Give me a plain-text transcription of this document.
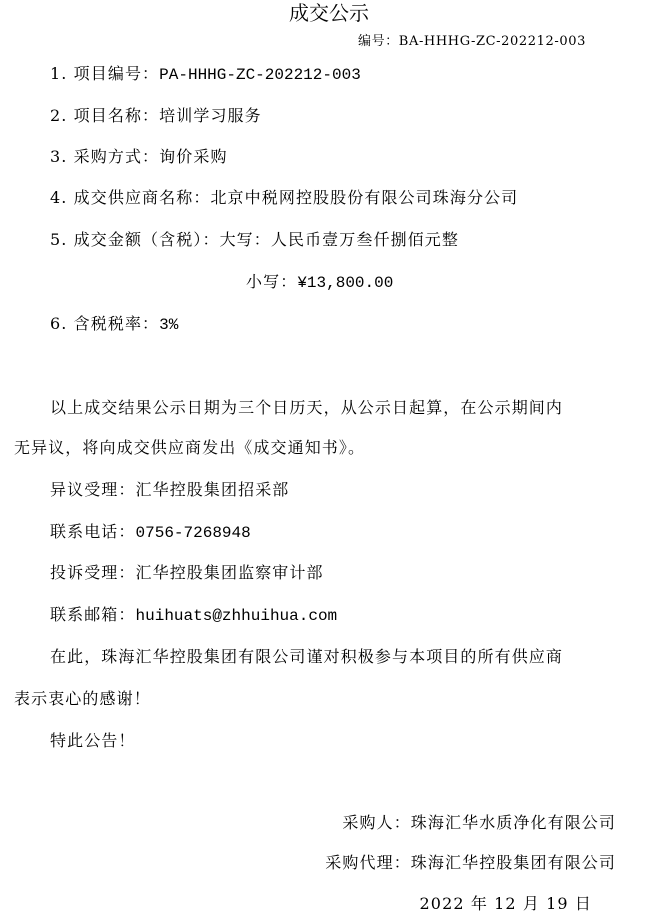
成交公示
编号：BA-HHHG-ZC-202212-003
1. 项目编号：PA-HHHG-ZC-202212-003
2. 项目名称：培训学习服务
3. 采购方式：询价采购
4. 成交供应商名称：北京中税网控股股份有限公司珠海分公司
5. 成交金额（含税）：大写：人民币壹万叁仟捌佰元整
小写：¥13,800.00
6. 含税税率：3%
以上成交结果公示日期为三个日历天，从公示日起算，在公示期间内
无异议，将向成交供应商发出《成交通知书》。
异议受理：汇华控股集团招采部
联系电话：0756-7268948
投诉受理：汇华控股集团监察审计部
联系邮箱：huihuats@zhhuihua.com
在此，珠海汇华控股集团有限公司谨对积极参与本项目的所有供应商
表示衷心的感谢！
特此公告！
采购人：珠海汇华水质净化有限公司
采购代理：珠海汇华控股集团有限公司
2022 年 12 月 19 日
